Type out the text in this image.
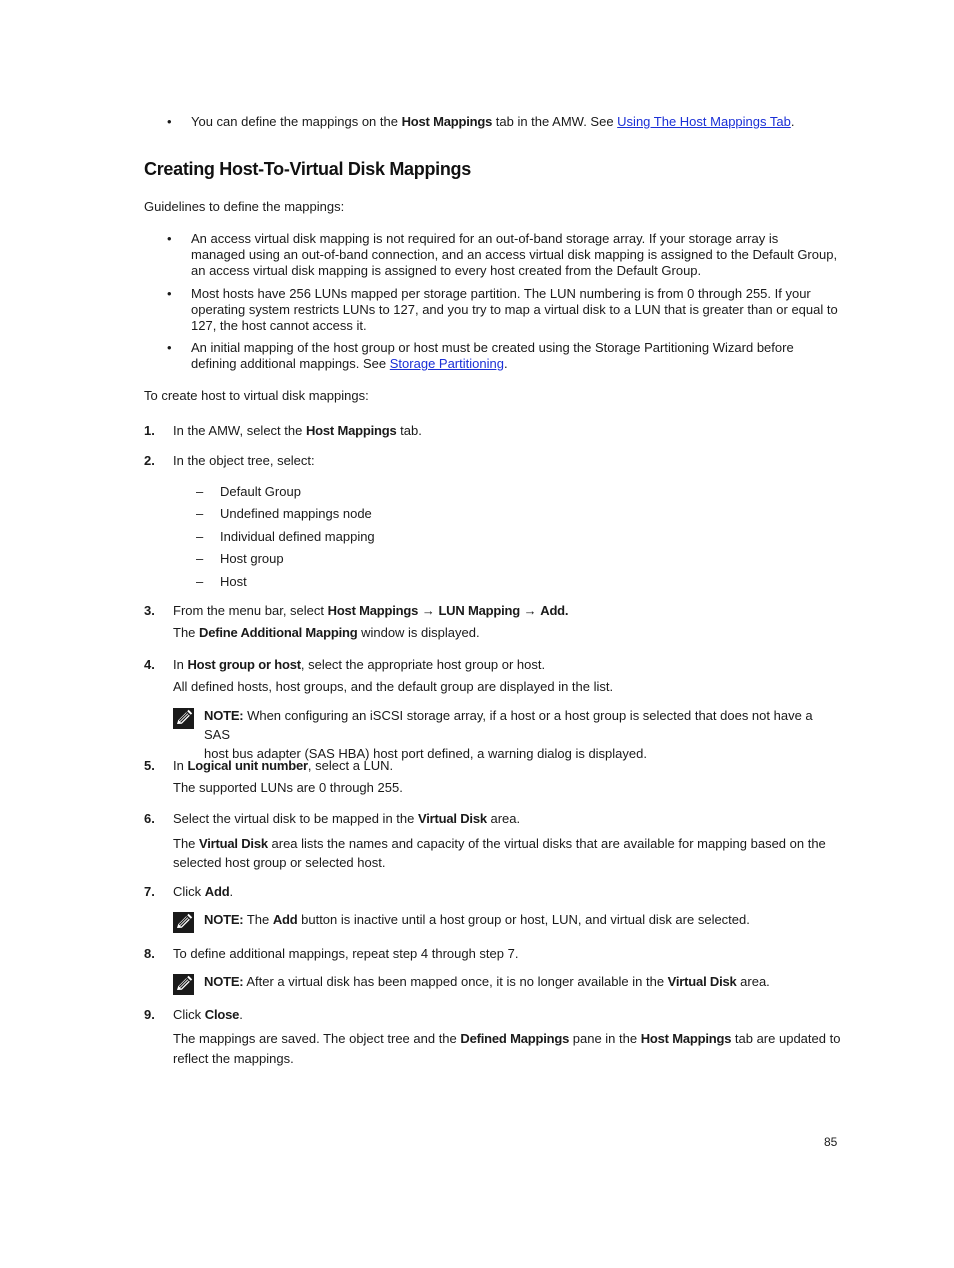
•	You can define the mappings on the Host Mappings tab in the AMW. See Using The Host Mappings Tab.
Creating Host-To-Virtual Disk Mappings
Guidelines to define the mappings:
•	An access virtual disk mapping is not required for an out-of-band storage array. If your storage array is
managed using an out-of-band connection, and an access virtual disk mapping is assigned to the Default Group,
an access virtual disk mapping is assigned to every host created from the Default Group.
•	Most hosts have 256 LUNs mapped per storage partition. The LUN numbering is from 0 through 255. If your
operating system restricts LUNs to 127, and you try to map a virtual disk to a LUN that is greater than or equal to
127, the host cannot access it.
•	An initial mapping of the host group or host must be created using the Storage Partitioning Wizard before
defining additional mappings. See Storage Partitioning.
To create host to virtual disk mappings:
1. In the AMW, select the Host Mappings tab.
2. In the object tree, select:
– Default Group
– Undefined mappings node
– Individual defined mapping
– Host group
– Host
3. From the menu bar, select Host Mappings → LUN Mapping → Add.
The Define Additional Mapping window is displayed.
4. In Host group or host, select the appropriate host group or host.
All defined hosts, host groups, and the default group are displayed in the list.
NOTE: When configuring an iSCSI storage array, if a host or a host group is selected that does not have a SAS
host bus adapter (SAS HBA) host port defined, a warning dialog is displayed.
5. In Logical unit number, select a LUN.
The supported LUNs are 0 through 255.
6. Select the virtual disk to be mapped in the Virtual Disk area.
The Virtual Disk area lists the names and capacity of the virtual disks that are available for mapping based on the
selected host group or selected host.
7. Click Add.
NOTE: The Add button is inactive until a host group or host, LUN, and virtual disk are selected.
8. To define additional mappings, repeat step 4 through step 7.
NOTE: After a virtual disk has been mapped once, it is no longer available in the Virtual Disk area.
9. Click Close.
The mappings are saved. The object tree and the Defined Mappings pane in the Host Mappings tab are updated to
reflect the mappings.
85
